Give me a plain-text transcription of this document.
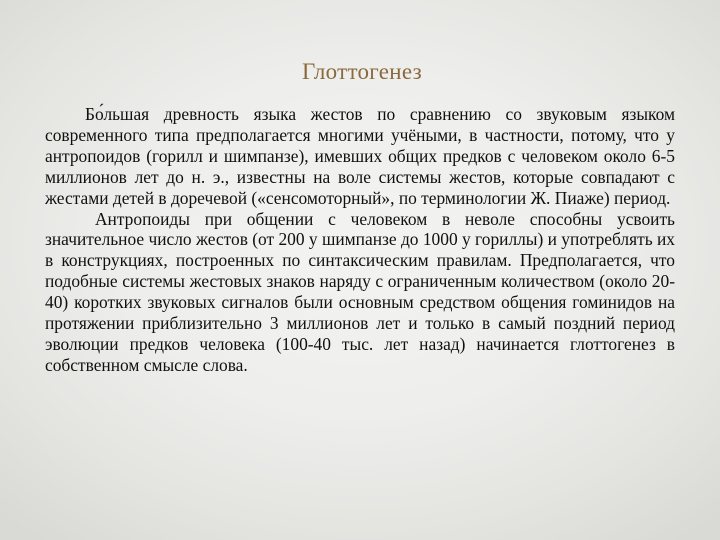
Глоттогенез

Бо́льшая древность языка жестов по сравнению со звуковым языком современного типа предполагается многими учёными, в частности, потому, что у антропоидов (горилл и шимпанзе), имевших общих предков с человеком около 6-5 миллионов лет до н. э., известны на воле системы жестов, которые совпадают с жестами детей в доречевой («сенсомоторный», по терминологии Ж. Пиаже) период.

Антропоиды при общении с человеком в неволе способны усвоить значительное число жестов (от 200 у шимпанзе до 1000 у гориллы) и употреблять их в конструкциях, построенных по синтаксическим правилам. Предполагается, что подобные системы жестовых знаков наряду с ограниченным количеством (около 20-40) коротких звуковых сигналов были основным средством общения гоминидов на протяжении приблизительно 3 миллионов лет и только в самый поздний период эволюции предков человека (100-40 тыс. лет назад) начинается глоттогенез в собственном смысле слова.
